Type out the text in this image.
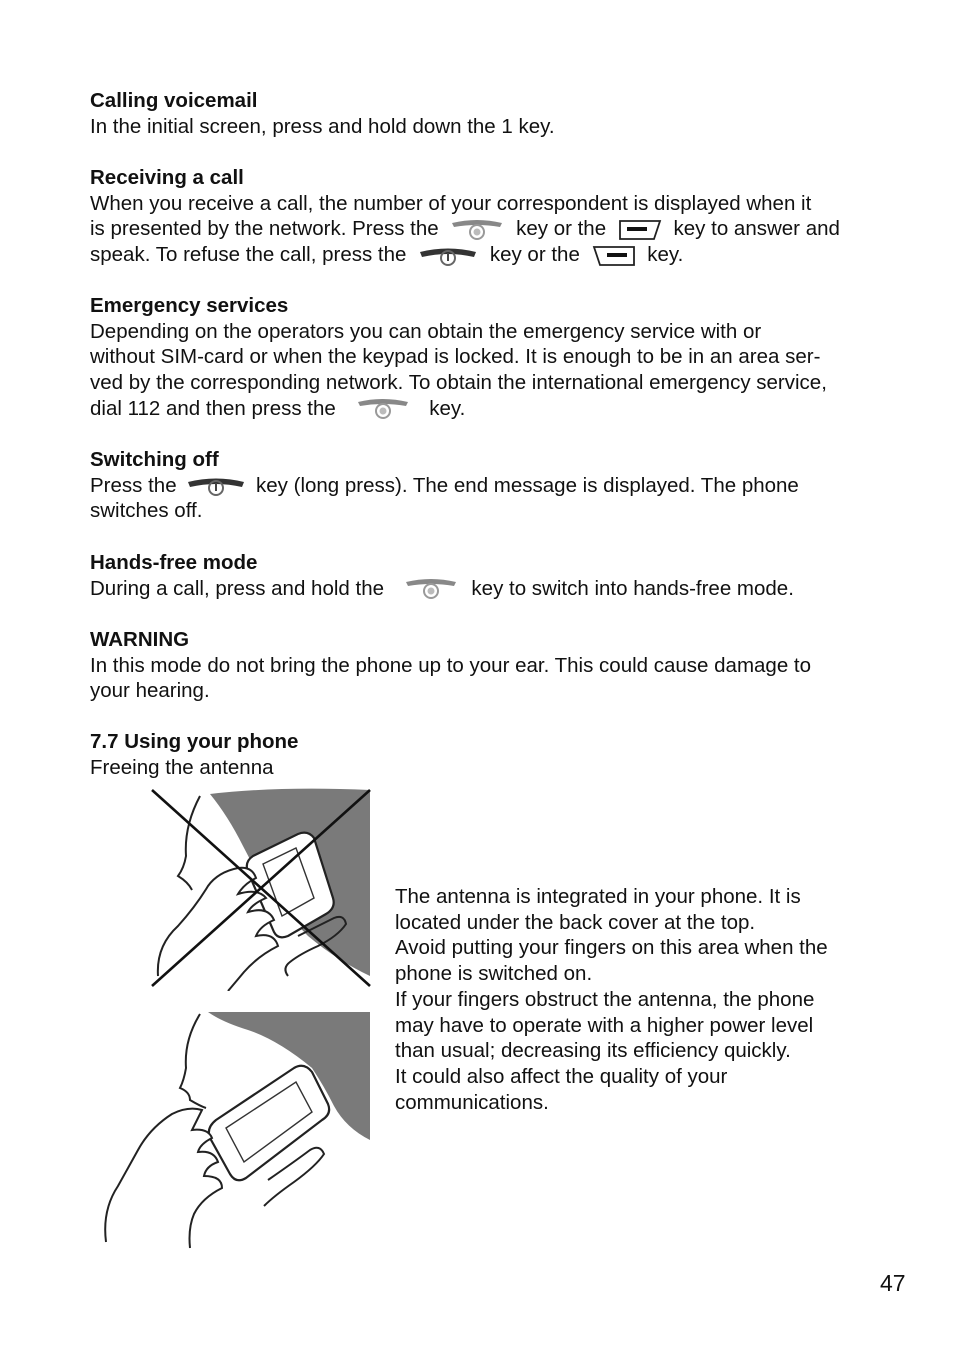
Calling voicemail
In the initial screen, press and hold down the 1 key.
Receiving a call
When you receive a call, the number of your correspondent is displayed when it
is presented by the network. Press the	key or the	key to answer and
speak. To refuse the call, press the	key or the	key.
Emergency services
Depending on the operators you can obtain the emergency service with or
without SIM-card or when the keypad is locked. It is enough to be in an area ser-
ved by the corresponding network. To obtain the international emergency service,
dial 112 and then press the	key.
Switching off
Press the	key (long press). The end message is displayed. The phone
switches off.
Hands-free mode
During a call, press and hold the	key to switch into hands-free mode.
WARNING
In this mode do not bring the phone up to your ear. This could cause damage to
your hearing.
7.7 Using your phone
Freeing the antenna
The antenna is integrated in your phone. It is
located under the back cover at the top.
Avoid putting your fingers on this area when the
phone is switched on.
If your fingers obstruct the antenna, the phone
may have to operate with a higher power level
than usual; decreasing its efficiency quickly.
It could also affect the quality of your
communications.
47
